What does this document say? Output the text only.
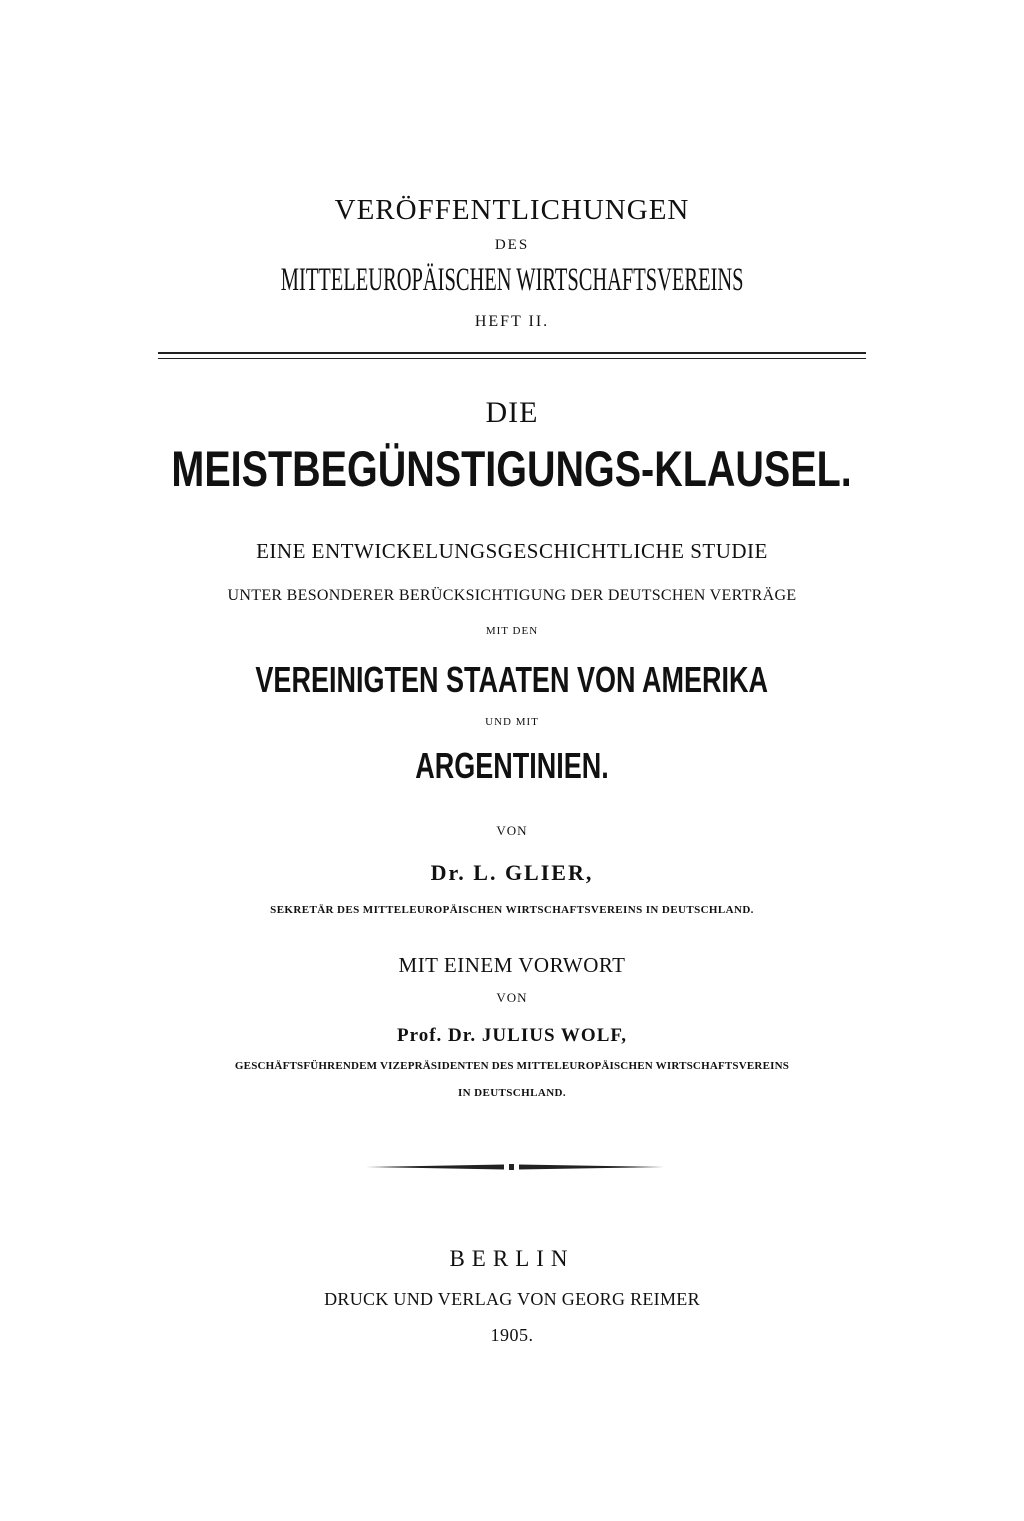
VERÖFFENTLICHUNGEN
DES
MITTELEUROPÄISCHEN WIRTSCHAFTSVEREINS
HEFT II.
DIE
MEISTBEGÜNSTIGUNGS-KLAUSEL.
EINE ENTWICKELUNGSGESCHICHTLICHE STUDIE
UNTER BESONDERER BERÜCKSICHTIGUNG DER DEUTSCHEN VERTRÄGE
MIT DEN
VEREINIGTEN STAATEN VON AMERIKA
UND MIT
ARGENTINIEN.
VON
Dr. L. GLIER,
SEKRETÄR DES MITTELEUROPÄISCHEN WIRTSCHAFTSVEREINS IN DEUTSCHLAND.
MIT EINEM VORWORT
VON
Prof. Dr. JULIUS WOLF,
GESCHÄFTSFÜHRENDEM VIZEPRÄSIDENTEN DES MITTELEUROPÄISCHEN WIRTSCHAFTSVEREINS
IN DEUTSCHLAND.
BERLIN
DRUCK UND VERLAG VON GEORG REIMER
1905.
